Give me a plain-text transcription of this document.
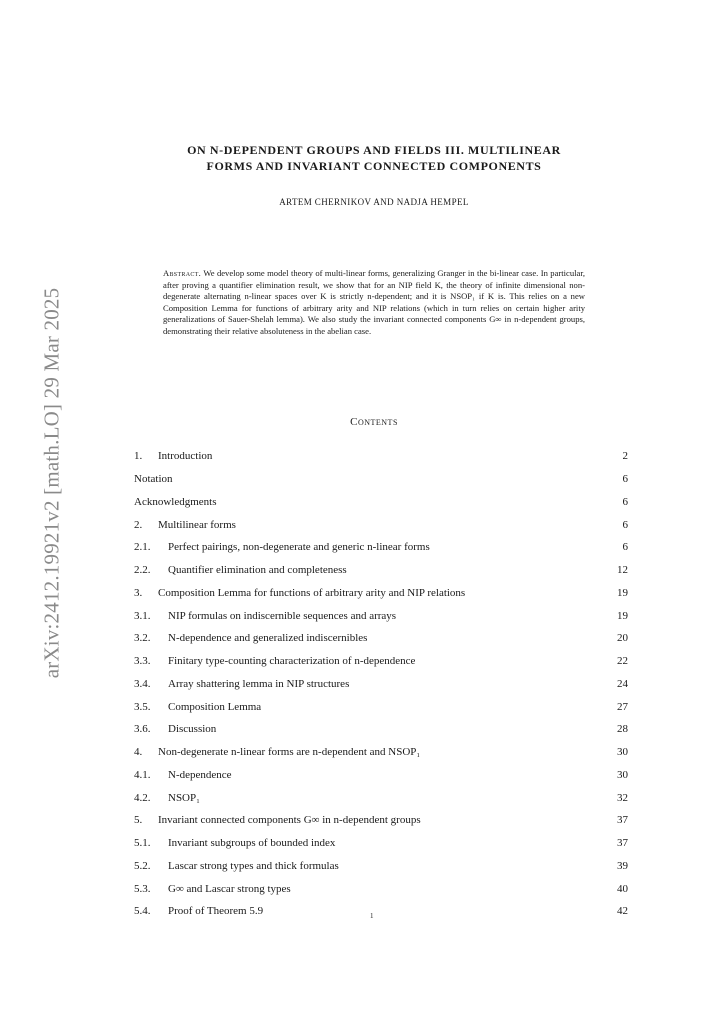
arXiv:2412.19921v2 [math.LO] 29 Mar 2025
ON N-DEPENDENT GROUPS AND FIELDS III. MULTILINEAR
FORMS AND INVARIANT CONNECTED COMPONENTS
ARTEM CHERNIKOV AND NADJA HEMPEL

Abstract. We develop some model theory of multi-linear forms, generalizing Granger in the bi-linear case. In particular, after proving a quantifier elimination result, we show that for an NIP field K, the theory of infinite dimensional non-degenerate alternating n-linear spaces over K is strictly n-dependent; and it is NSOP₁ if K is. This relies on a new Composition Lemma for functions of arbitrary arity and NIP relations (which in turn relies on certain higher arity generalizations of Sauer-Shelah lemma). We also study the invariant connected components G∞ in n-dependent groups, demonstrating their relative absoluteness in the abelian case.

Contents
1. Introduction	2
Notation	6
Acknowledgments	6
2. Multilinear forms	6
2.1. Perfect pairings, non-degenerate and generic n-linear forms	6
2.2. Quantifier elimination and completeness	12
3. Composition Lemma for functions of arbitrary arity and NIP relations	19
3.1. NIP formulas on indiscernible sequences and arrays	19
3.2. N-dependence and generalized indiscernibles	20
3.3. Finitary type-counting characterization of n-dependence	22
3.4. Array shattering lemma in NIP structures	24
3.5. Composition Lemma	27
3.6. Discussion	28
4. Non-degenerate n-linear forms are n-dependent and NSOP₁	30
4.1. N-dependence	30
4.2. NSOP₁	32
5. Invariant connected components G∞ in n-dependent groups	37
5.1. Invariant subgroups of bounded index	37
5.2. Lascar strong types and thick formulas	39
5.3. G∞ and Lascar strong types	40
5.4. Proof of Theorem 5.9	42
1
